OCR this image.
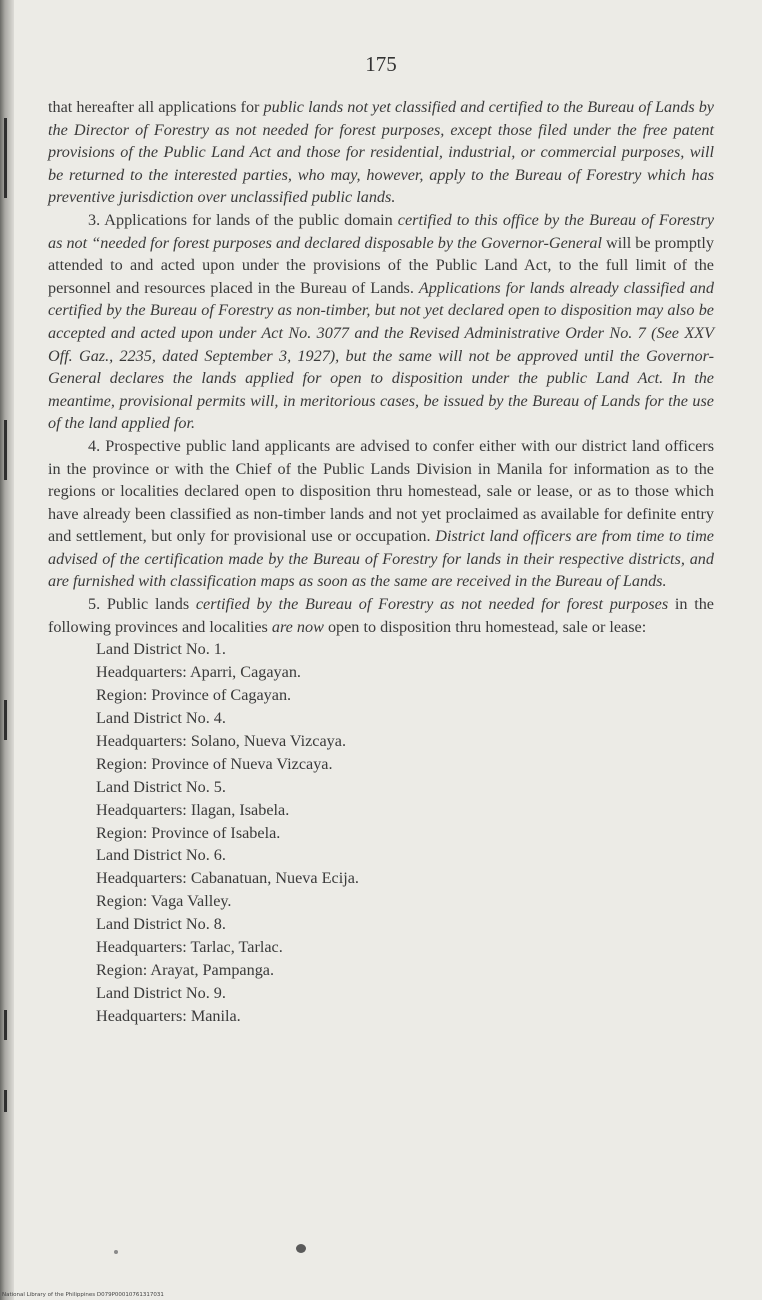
175

that hereafter all applications for public lands not yet classified and certified to the Bureau of Lands by the Director of Forestry as not needed for forest purposes, except those filed under the free patent provisions of the Public Land Act and those for residential, industrial, or commercial purposes, will be returned to the interested parties, who may, however, apply to the Bureau of Forestry which has preventive jurisdiction over unclassified public lands.

3. Applications for lands of the public domain certified to this office by the Bureau of Forestry as not “needed for forest purposes and declared disposable by the Governor-General will be promptly attended to and acted upon under the provisions of the Public Land Act, to the full limit of the personnel and resources placed in the Bureau of Lands. Applications for lands already classified and certified by the Bureau of Forestry as non-timber, but not yet declared open to disposition may also be accepted and acted upon under Act No. 3077 and the Revised Administrative Order No. 7 (See XXV Off. Gaz., 2235, dated September 3, 1927), but the same will not be approved until the Governor-General declares the lands applied for open to disposition under the public Land Act. In the meantime, provisional permits will, in meritorious cases, be issued by the Bureau of Lands for the use of the land applied for.

4. Prospective public land applicants are advised to confer either with our district land officers in the province or with the Chief of the Public Lands Division in Manila for information as to the regions or localities declared open to disposition thru homestead, sale or lease, or as to those which have already been classified as non-timber lands and not yet proclaimed as available for definite entry and settlement, but only for provisional use or occupation. District land officers are from time to time advised of the certification made by the Bureau of Forestry for lands in their respective districts, and are furnished with classification maps as soon as the same are received in the Bureau of Lands.

5. Public lands certified by the Bureau of Forestry as not needed for forest purposes in the following provinces and localities are now open to disposition thru homestead, sale or lease:

Land District No. 1.
Headquarters: Aparri, Cagayan.
Region: Province of Cagayan.
Land District No. 4.
Headquarters: Solano, Nueva Vizcaya.
Region: Province of Nueva Vizcaya.
Land District No. 5.
Headquarters: Ilagan, Isabela.
Region: Province of Isabela.
Land District No. 6.
Headquarters: Cabanatuan, Nueva Ecija.
Region: Vaga Valley.
Land District No. 8.
Headquarters: Tarlac, Tarlac.
Region: Arayat, Pampanga.
Land District No. 9.
Headquarters: Manila.
National Library of the Philippines D079P00010761317031
